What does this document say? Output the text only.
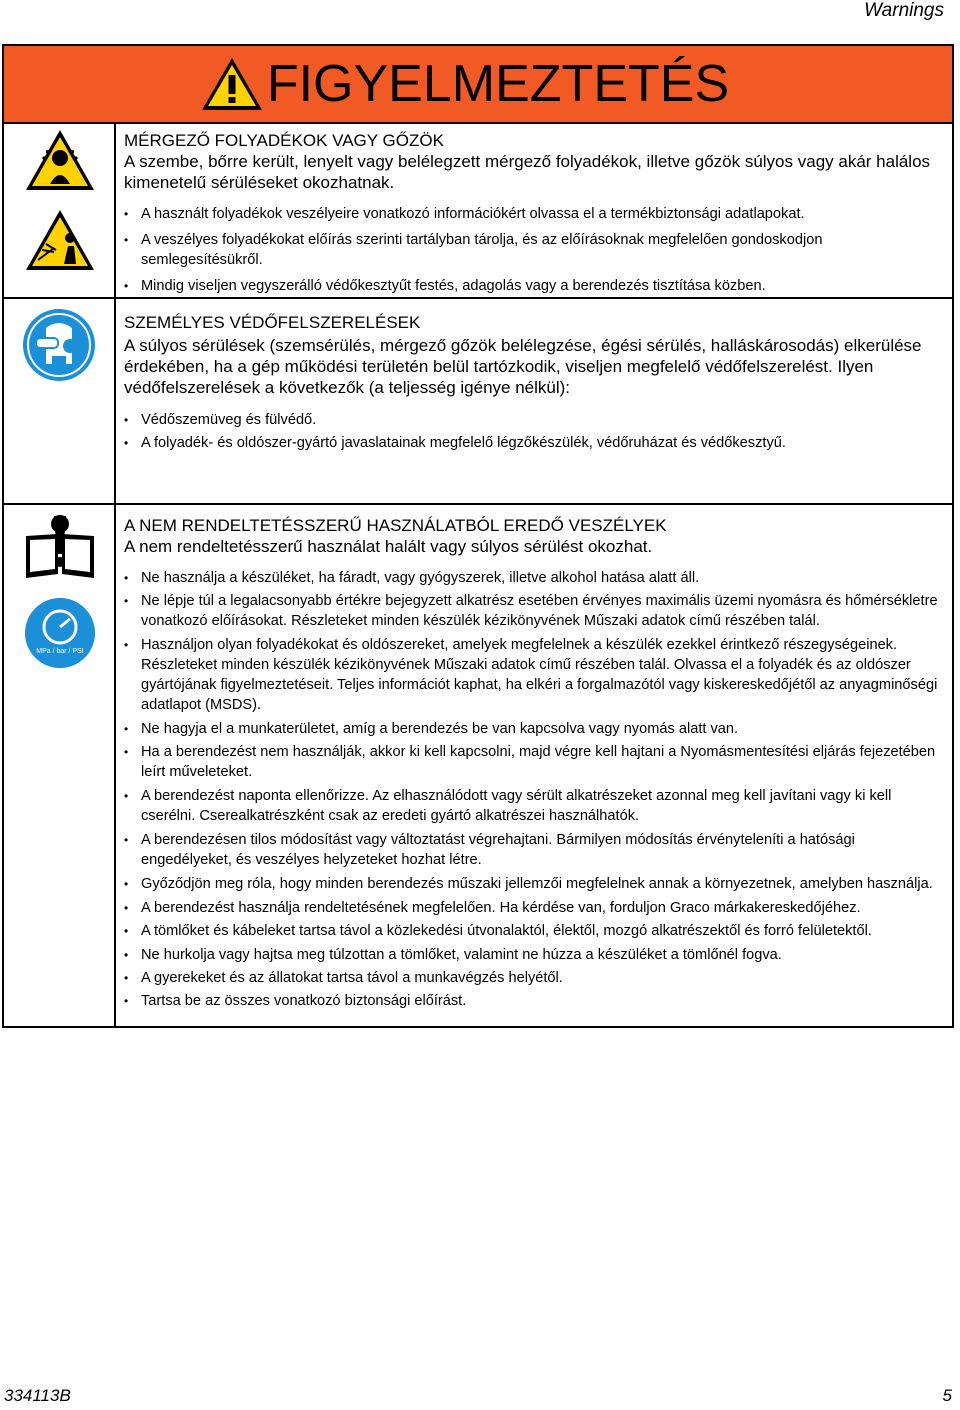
Warnings
FIGYELMEZTETÉS

MÉRGEZŐ FOLYADÉKOK VAGY GŐZÖK

A szembe, bőrre került, lenyelt vagy belélegzett mérgező folyadékok, illetve gőzök súlyos vagy akár halálos kimenetelű sérüléseket okozhatnak.

• A használt folyadékok veszélyeire vonatkozó információkért olvassa el a termékbiztonsági adatlapokat.
• A veszélyes folyadékokat előírás szerinti tartályban tárolja, és az előírásoknak megfelelően gondoskodjon semlegesítésükről.
• Mindig viseljen vegyszerálló védőkesztyűt festés, adagolás vagy a berendezés tisztítása közben.

SZEMÉLYES VÉDŐFELSZERELÉSEK

A súlyos sérülések (szemsérülés, mérgező gőzök belélegzése, égési sérülés, halláskárosodás) elkerülése érdekében, ha a gép működési területén belül tartózkodik, viseljen megfelelő védőfelszerelést. Ilyen védőfelszerelések a következők (a teljesség igénye nélkül):

• Védőszemüveg és fülvédő.
• A folyadék- és oldószer-gyártó javaslatainak megfelelő légzőkészülék, védőruházat és védőkesztyű.
MPa / bar / PSI

A NEM RENDELTETÉSSZERŰ HASZNÁLATBÓL EREDŐ VESZÉLYEK

A nem rendeltetésszerű használat halált vagy súlyos sérülést okozhat.

• Ne használja a készüléket, ha fáradt, vagy gyógyszerek, illetve alkohol hatása alatt áll.
• Ne lépje túl a legalacsonyabb értékre bejegyzett alkatrész esetében érvényes maximális üzemi nyomásra és hőmérsékletre vonatkozó előírásokat. Részleteket minden készülék kézikönyvének Műszaki adatok című részében talál.
• Használjon olyan folyadékokat és oldószereket, amelyek megfelelnek a készülék ezekkel érintkező részegységeinek. Részleteket minden készülék kézikönyvének Műszaki adatok című részében talál. Olvassa el a folyadék és az oldószer gyártójának figyelmeztetéseit. Teljes információt kaphat, ha elkéri a forgalmazótól vagy kiskereskedőjétől az anyagminőségi adatlapot (MSDS).
• Ne hagyja el a munkaterületet, amíg a berendezés be van kapcsolva vagy nyomás alatt van.
• Ha a berendezést nem használják, akkor ki kell kapcsolni, majd végre kell hajtani a Nyomásmentesítési eljárás fejezetében leírt műveleteket.
• A berendezést naponta ellenőrizze. Az elhasználódott vagy sérült alkatrészeket azonnal meg kell javítani vagy ki kell cserélni. Cserealkatrészként csak az eredeti gyártó alkatrészei használhatók.
• A berendezésen tilos módosítást vagy változtatást végrehajtani. Bármilyen módosítás érvényteleníti a hatósági engedélyeket, és veszélyes helyzeteket hozhat létre.
• Győződjön meg róla, hogy minden berendezés műszaki jellemzői megfelelnek annak a környezetnek, amelyben használja.
• A berendezést használja rendeltetésének megfelelően. Ha kérdése van, forduljon Graco márkakereskedőjéhez.
• A tömlőket és kábeleket tartsa távol a közlekedési útvonalaktól, élektől, mozgó alkatrészektől és forró felületektől.
• Ne hurkolja vagy hajtsa meg túlzottan a tömlőket, valamint ne húzza a készüléket a tömlőnél fogva.
• A gyerekeket és az állatokat tartsa távol a munkavégzés helyétől.
• Tartsa be az összes vonatkozó biztonsági előírást.
334113B	5
